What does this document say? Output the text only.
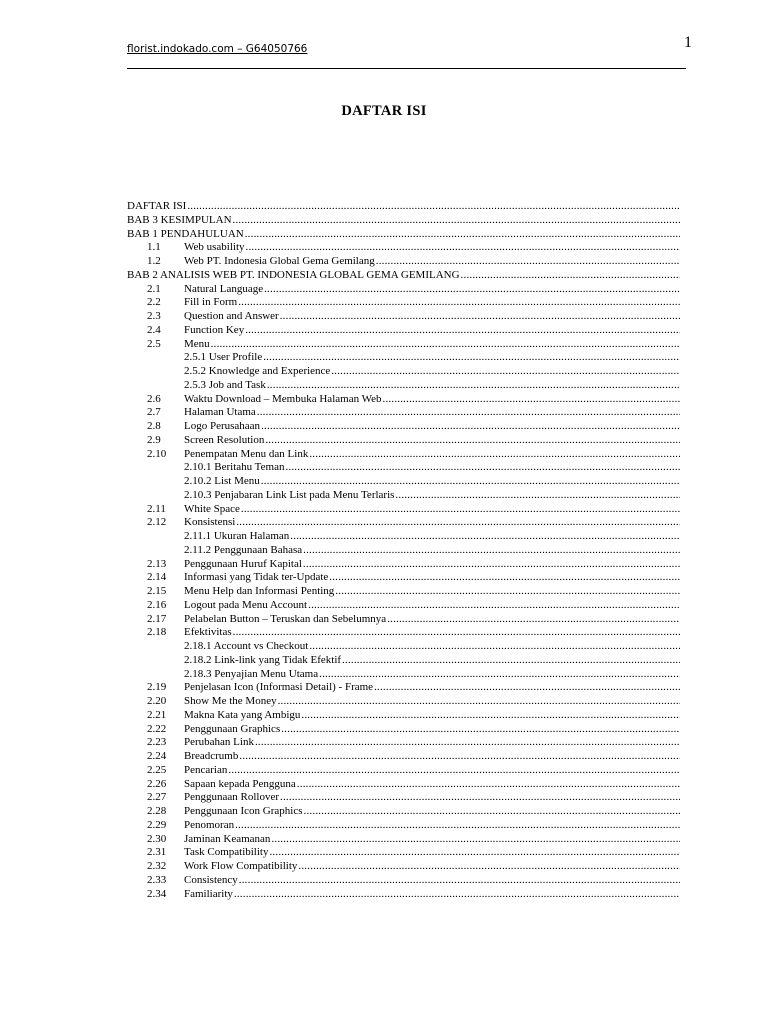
florist.indokado.com – G64050766	1
DAFTAR ISI
DAFTAR ISI
.....
BAB 3 KESIMPULAN
.....
BAB 1 PENDAHULUAN
.....
1.1	Web usability
.....
1.2	Web PT. Indonesia Global Gema Gemilang
.....
BAB 2 ANALISIS WEB PT. INDONESIA GLOBAL GEMA GEMILANG
.....
2.1	Natural Language
.....
2.2	Fill in Form
.....
2.3	Question and Answer
.....
2.4	Function Key
.....
2.5	Menu
.....
2.5.1 User Profile
.....
2.5.2 Knowledge and Experience
.....
2.5.3 Job and Task
.....
2.6	Waktu Download – Membuka Halaman Web
.....
2.7	Halaman Utama
.....
2.8	Logo Perusahaan
.....
2.9	Screen Resolution
.....
2.10	Penempatan Menu dan Link
.....
2.10.1 Beritahu Teman
.....
2.10.2 List Menu
.....
2.10.3 Penjabaran Link List pada Menu Terlaris
.....
2.11	White Space
.....
2.12	Konsistensi
.....
2.11.1 Ukuran Halaman
.....
2.11.2 Penggunaan Bahasa
.....
2.13	Penggunaan Huruf Kapital
.....
2.14	Informasi yang Tidak ter-Update
.....
2.15	Menu Help dan Informasi Penting
.....
2.16	Logout pada Menu Account
.....
2.17	Pelabelan Button – Teruskan dan Sebelumnya
.....
2.18	Efektivitas
.....
2.18.1 Account vs Checkout
.....
2.18.2 Link-link yang Tidak Efektif
.....
2.18.3 Penyajian Menu Utama
.....
2.19	Penjelasan Icon (Informasi Detail) - Frame
.....
2.20	Show Me the Money
.....
2.21	Makna Kata yang Ambigu
.....
2.22	Penggunaan Graphics
.....
2.23	Perubahan Link
.....
2.24	Breadcrumb
.....
2.25	Pencarian
.....
2.26	Sapaan kepada Pengguna
.....
2.27	Penggunaan Rollover
.....
2.28	Penggunaan Icon Graphics
.....
2.29	Penomoran
.....
2.30	Jaminan Keamanan
.....
2.31	Task Compatibility
.....
2.32	Work Flow Compatibility
.....
2.33	Consistency
.....
2.34	Familiarity
.....
